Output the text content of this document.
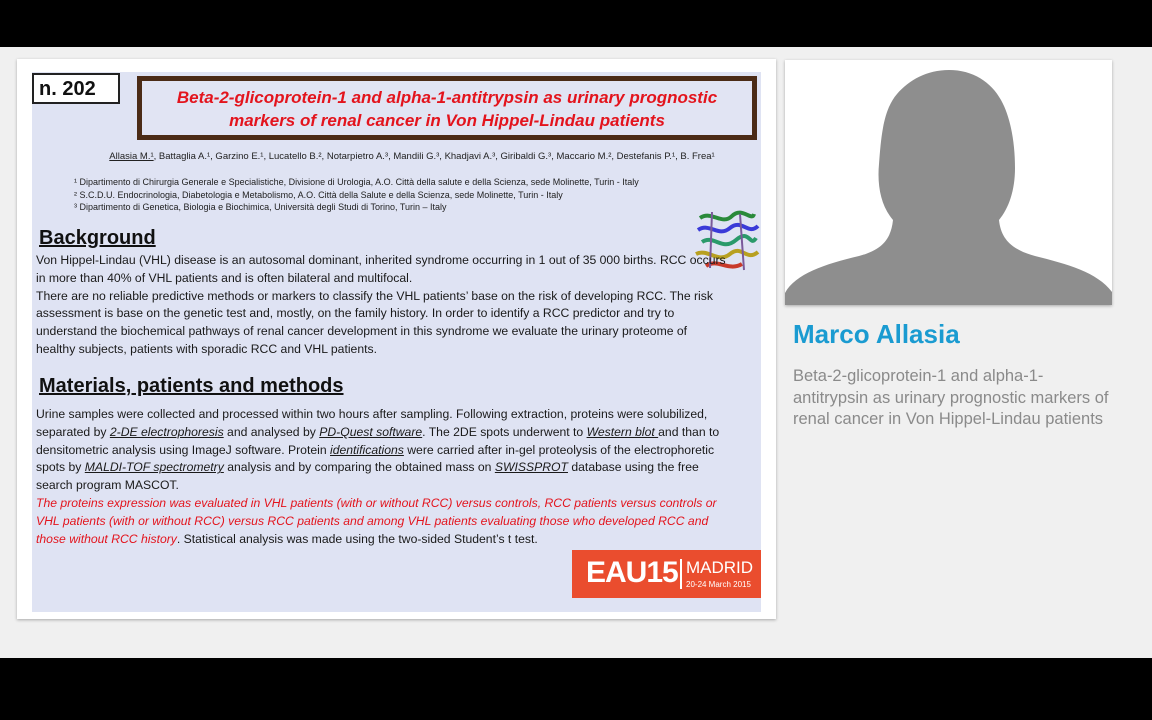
n. 202	Beta-2-glicoprotein-1 and alpha-1-antitrypsin as urinary prognostic markers of renal cancer in Von Hippel-Lindau patients
Allasia M.¹, Battaglia A.¹, Garzino E.¹, Lucatello B.², Notarpietro A.³, Mandili G.³, Khadjavi A.³, Giribaldi G.³, Maccario M.², Destefanis P.¹, B. Frea¹
¹ Dipartimento di Chirurgia Generale e Specialistiche, Divisione di Urologia, A.O. Città della salute e della Scienza, sede Molinette, Turin - Italy
² S.C.D.U. Endocrinologia, Diabetologia e Metabolismo, A.O. Città della Salute e della Scienza, sede Molinette, Turin - Italy
³ Dipartimento di Genetica, Biologia e Biochimica, Università degli Studi di Torino, Turin – Italy
Background
Von Hippel-Lindau (VHL) disease is an autosomal dominant, inherited syndrome occurring in 1 out of 35 000 births. RCC occurs in more than 40% of VHL patients and is often bilateral and multifocal.
There are no reliable predictive methods or markers to classify the VHL patients’ base on the risk of developing RCC. The risk assessment is base on the genetic test and, mostly, on the family history. In order to identify a RCC predictor and try to understand the biochemical pathways of renal cancer development in this syndrome we evaluate the urinary proteome of healthy subjects, patients with sporadic RCC and VHL patients.
Materials, patients and methods
Urine samples were collected and processed within two hours after sampling. Following extraction, proteins were solubilized, separated by 2-DE electrophoresis and analysed by PD-Quest software. The 2DE spots underwent to Western blot and than to densitometric analysis using ImageJ software. Protein identifications were carried after in-gel proteolysis of the electrophoretic spots by MALDI-TOF spectrometry analysis and by comparing the obtained mass on SWISSPROT database using the free search program MASCOT.
The proteins expression was evaluated in VHL patients (with or without RCC) versus controls, RCC patients versus controls or VHL patients (with or without RCC) versus RCC patients and among VHL patients evaluating those who developed RCC and those without RCC history. Statistical analysis was made using the two-sided Student’s t test.
EAU15 MADRID
20-24 March 2015
Marco Allasia
Beta-2-glicoprotein-1 and alpha-1-antitrypsin as urinary prognostic markers of renal cancer in Von Hippel-Lindau patients
